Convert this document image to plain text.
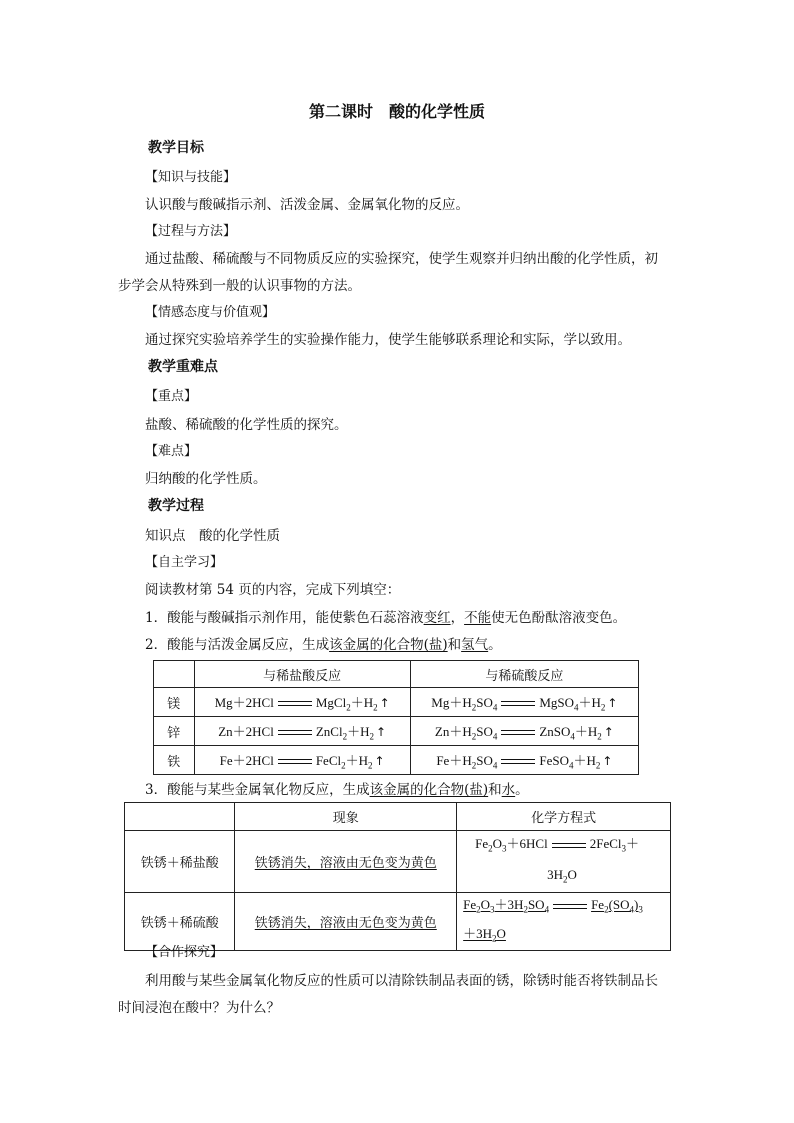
第二课时　酸的化学性质
教学目标
【知识与技能】
认识酸与酸碱指示剂、活泼金属、金属氧化物的反应。
【过程与方法】
通过盐酸、稀硫酸与不同物质反应的实验探究，使学生观察并归纳出酸的化学性质，初
步学会从特殊到一般的认识事物的方法。
【情感态度与价值观】
通过探究实验培养学生的实验操作能力，使学生能够联系理论和实际，学以致用。
教学重难点
【重点】
盐酸、稀硫酸的化学性质的探究。
【难点】
归纳酸的化学性质。
教学过程
知识点　酸的化学性质
【自主学习】
阅读教材第 54 页的内容，完成下列填空：
1．酸能与酸碱指示剂作用，能使紫色石蕊溶液变红，不能使无色酚酞溶液变色。
2．酸能与活泼金属反应，生成该金属的化合物(盐)和氢气。
	与稀盐酸反应	与稀硫酸反应
镁	Mg＋2HCl $MgCl_2+H_2$ ↑	$Mg+H_2SO_4$ $MgSO_4+H_2$ ↑
锌	Zn＋2HCl $ZnCl_2+H_2$ ↑	$Zn+H_2SO_4$ $ZnSO_4+H_2$ ↑
铁	Fe＋2HCl $FeCl_2+H_2$ ↑	$Fe+H_2SO_4$ $FeSO_4+H_2$ ↑
3．酸能与某些金属氧化物反应，生成该金属的化合物(盐)和水。
	现象	化学方程式
铁锈＋稀盐酸	铁锈消失，溶液由无色变为黄色	$Fe_2O_3+6HCl$ 2FeCl$_3$＋
$3H_2O$
铁锈＋稀硫酸	铁锈消失，溶液由无色变为黄色	$Fe_2O_3+3H_2SO_4$ $Fe_2(SO_4)_3$
$+3H_2O$
【合作探究】
利用酸与某些金属氧化物反应的性质可以清除铁制品表面的锈，除锈时能否将铁制品长
时间浸泡在酸中？为什么？
